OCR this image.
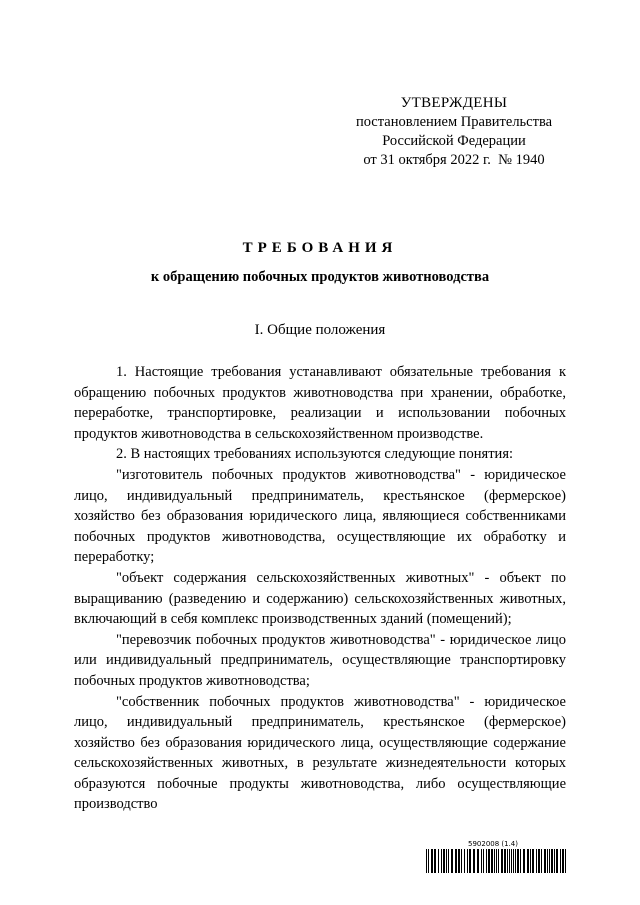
УТВЕРЖДЕНЫ
постановлением Правительства
Российской Федерации
от 31 октября 2022 г.  № 1940
ТРЕБОВАНИЯ
к обращению побочных продуктов животноводства
I. Общие положения

1. Настоящие требования устанавливают обязательные требования к обращению побочных продуктов животноводства при хранении, обработке, переработке, транспортировке, реализации и использовании побочных продуктов животноводства в сельскохозяйственном производстве.

2. В настоящих требованиях используются следующие понятия:

"изготовитель побочных продуктов животноводства" - юридическое лицо, индивидуальный предприниматель, крестьянское (фермерское) хозяйство без образования юридического лица, являющиеся собственниками побочных продуктов животноводства, осуществляющие их обработку и переработку;

"объект содержания сельскохозяйственных животных" - объект по выращиванию (разведению и содержанию) сельскохозяйственных животных, включающий в себя комплекс производственных зданий (помещений);

"перевозчик побочных продуктов животноводства" - юридическое лицо или индивидуальный предприниматель, осуществляющие транспортировку побочных продуктов животноводства;

"собственник побочных продуктов животноводства" - юридическое лицо, индивидуальный предприниматель, крестьянское (фермерское) хозяйство без образования юридического лица, осуществляющие содержание сельскохозяйственных животных, в результате жизнедеятельности которых образуются побочные продукты животноводства, либо осуществляющие производство

5902008 (1.4)
